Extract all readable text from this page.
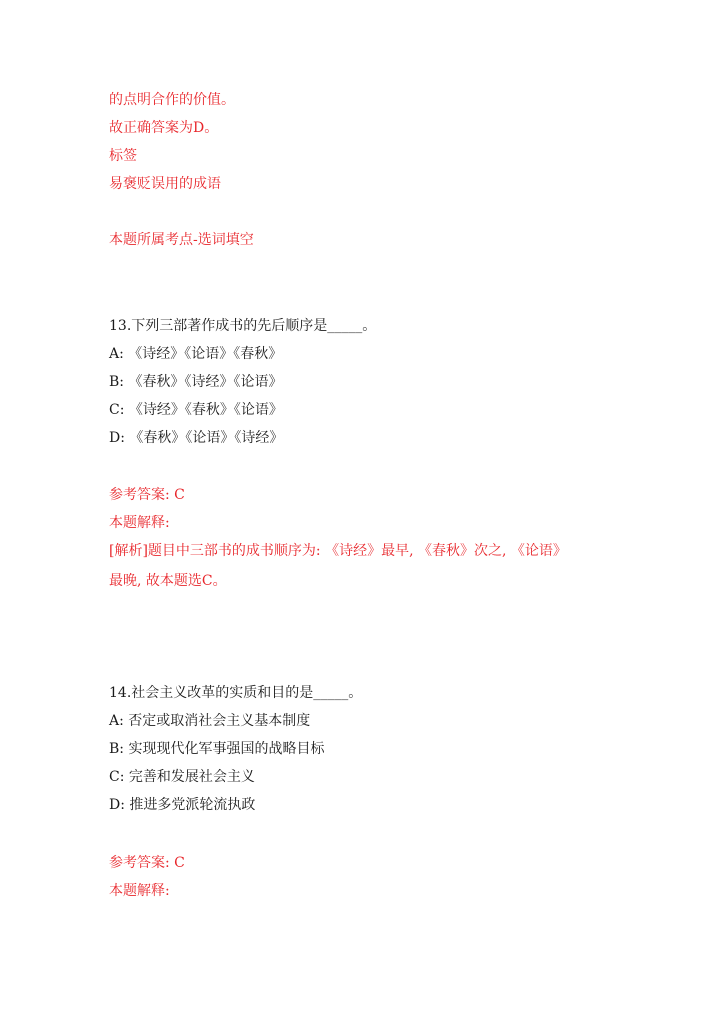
的点明合作的价值。
故正确答案为D。
标签
易褒贬误用的成语
本题所属考点-选词填空
13.下列三部著作成书的先后顺序是_____。
A: 《诗经》《论语》《春秋》
B: 《春秋》《诗经》《论语》
C: 《诗经》《春秋》《论语》
D: 《春秋》《论语》《诗经》
参考答案: C
本题解释:
[解析]题目中三部书的成书顺序为: 《诗经》最早, 《春秋》次之, 《论语》
最晚, 故本题选C。
14.社会主义改革的实质和目的是_____。
A: 否定或取消社会主义基本制度
B: 实现现代化军事强国的战略目标
C: 完善和发展社会主义
D: 推进多党派轮流执政
参考答案: C
本题解释:
